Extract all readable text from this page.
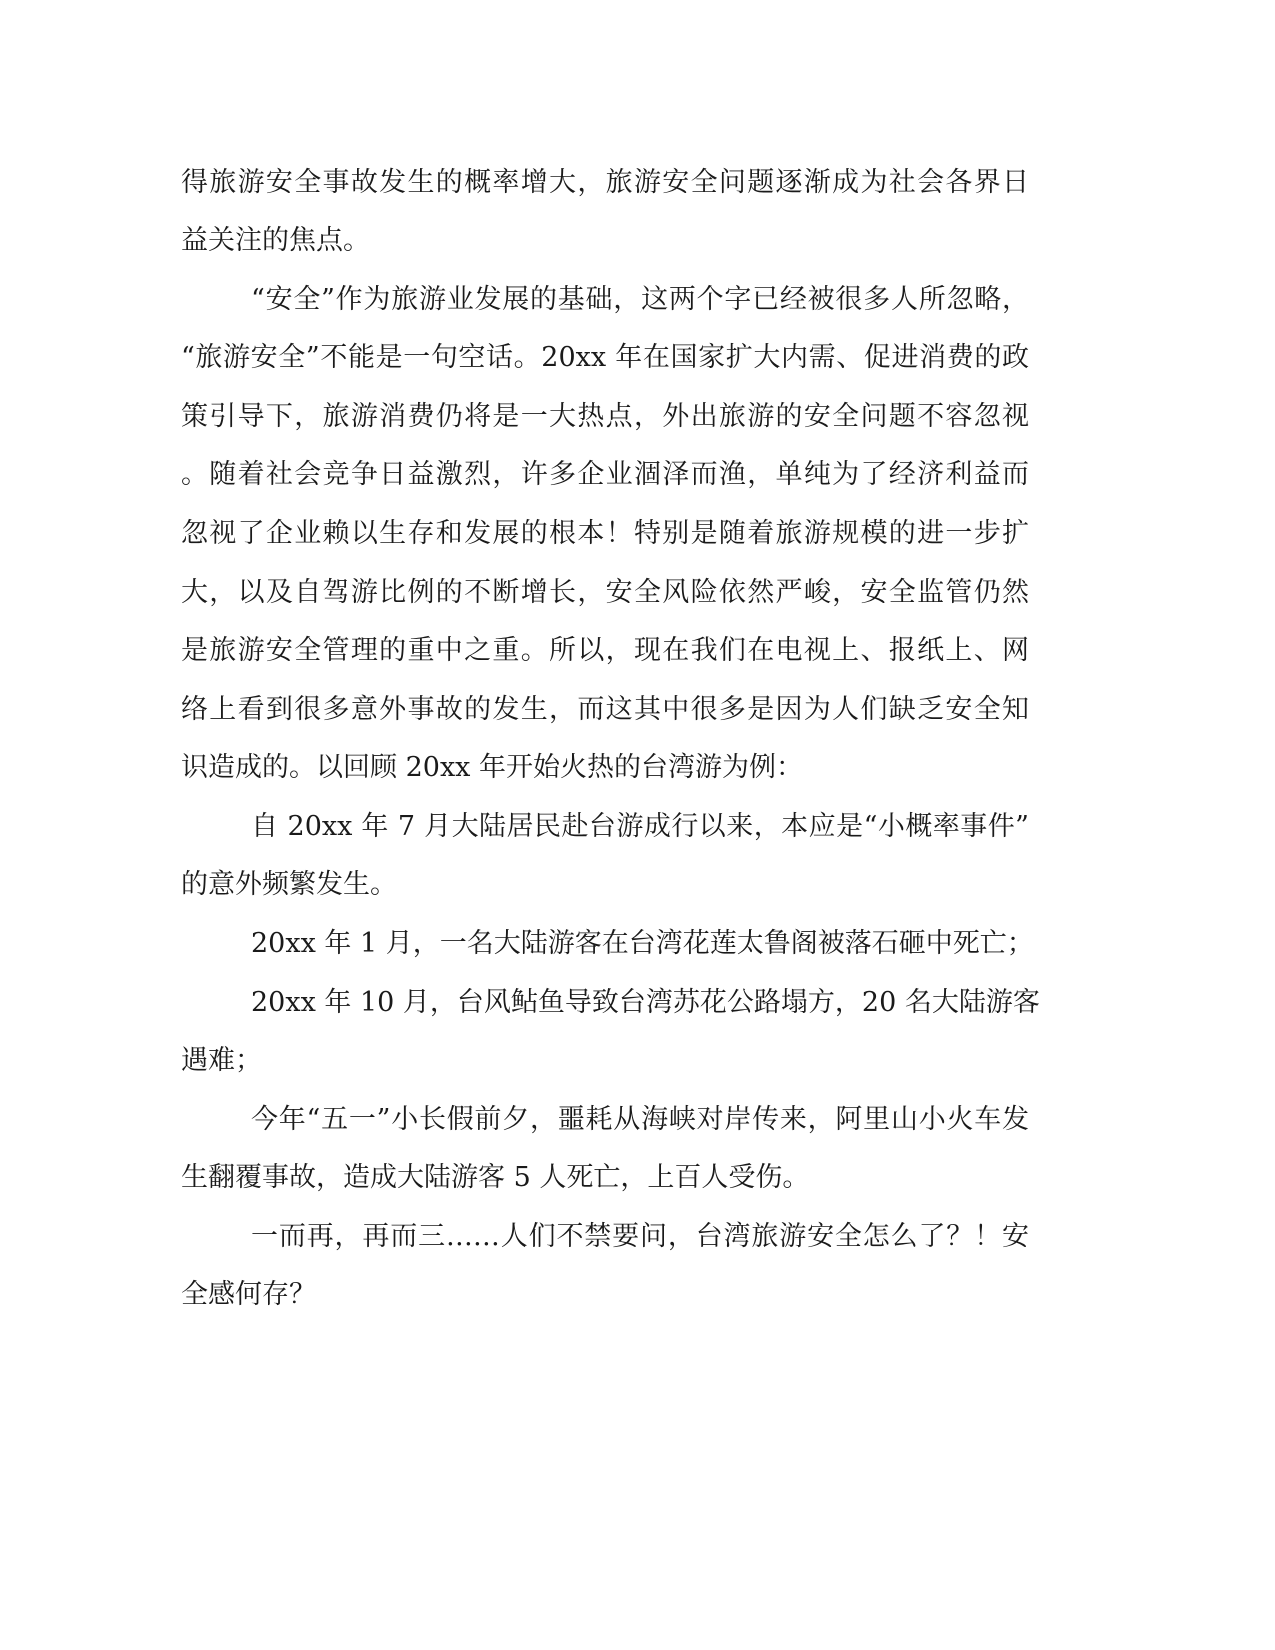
得旅游安全事故发生的概率增大，旅游安全问题逐渐成为社会各界日
益关注的焦点。
“安全”作为旅游业发展的基础，这两个字已经被很多人所忽略，
“旅游安全”不能是一句空话。20xx 年在国家扩大内需、促进消费的政
策引导下，旅游消费仍将是一大热点，外出旅游的安全问题不容忽视
。随着社会竞争日益激烈，许多企业涸泽而渔，单纯为了经济利益而
忽视了企业赖以生存和发展的根本！特别是随着旅游规模的进一步扩
大，以及自驾游比例的不断增长，安全风险依然严峻，安全监管仍然
是旅游安全管理的重中之重。所以，现在我们在电视上、报纸上、网
络上看到很多意外事故的发生，而这其中很多是因为人们缺乏安全知
识造成的。以回顾 20xx 年开始火热的台湾游为例：
自 20xx 年 7 月大陆居民赴台游成行以来，本应是“小概率事件”
的意外频繁发生。
20xx 年 1 月，一名大陆游客在台湾花莲太鲁阁被落石砸中死亡；
20xx 年 10 月，台风鲇鱼导致台湾苏花公路塌方，20 名大陆游客
遇难；
今年“五一”小长假前夕，噩耗从海峡对岸传来，阿里山小火车发
生翻覆事故，造成大陆游客 5 人死亡，上百人受伤。
一而再，再而三……人们不禁要问，台湾旅游安全怎么了？！安
全感何存？
